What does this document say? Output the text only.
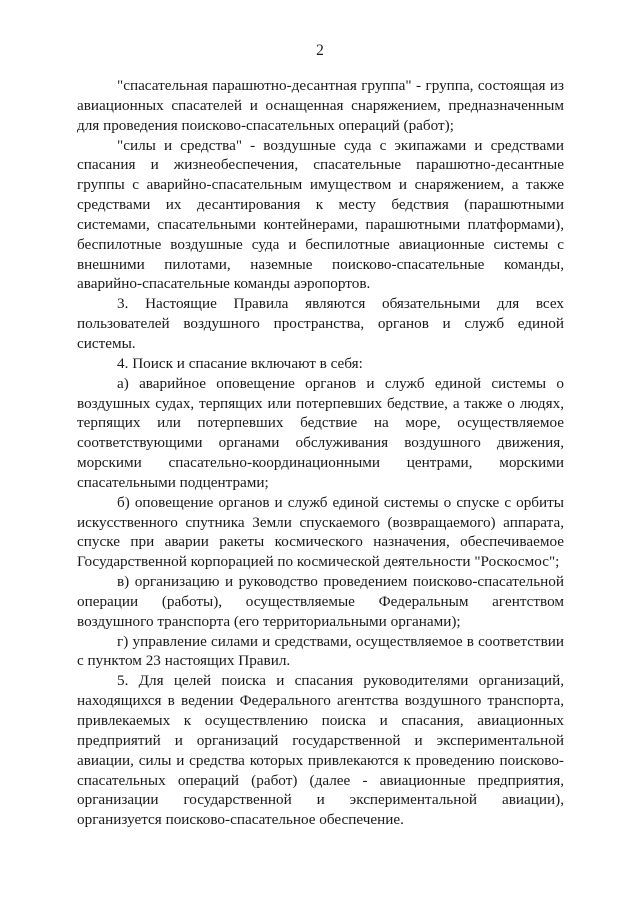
2

"спасательная парашютно-десантная группа" - группа, состоящая из авиационных спасателей и оснащенная снаряжением, предназначенным для проведения поисково-спасательных операций (работ);

"силы и средства" - воздушные суда с экипажами и средствами спасания и жизнеобеспечения, спасательные парашютно-десантные группы с аварийно-спасательным имуществом и снаряжением, а также средствами их десантирования к месту бедствия (парашютными системами, спасательными контейнерами, парашютными платформами), беспилотные воздушные суда и беспилотные авиационные системы с внешними пилотами, наземные поисково-спасательные команды, аварийно-спасательные команды аэропортов.

3. Настоящие Правила являются обязательными для всех пользователей воздушного пространства, органов и служб единой системы.

4. Поиск и спасание включают в себя:

а) аварийное оповещение органов и служб единой системы о воздушных судах, терпящих или потерпевших бедствие, а также о людях, терпящих или потерпевших бедствие на море, осуществляемое соответствующими органами обслуживания воздушного движения, морскими спасательно-координационными центрами, морскими спасательными подцентрами;

б) оповещение органов и служб единой системы о спуске с орбиты искусственного спутника Земли спускаемого (возвращаемого) аппарата, спуске при аварии ракеты космического назначения, обеспечиваемое Государственной корпорацией по космической деятельности "Роскосмос";

в) организацию и руководство проведением поисково-спасательной операции (работы), осуществляемые Федеральным агентством воздушного транспорта (его территориальными органами);

г) управление силами и средствами, осуществляемое в соответствии с пунктом 23 настоящих Правил.

5. Для целей поиска и спасания руководителями организаций, находящихся в ведении Федерального агентства воздушного транспорта, привлекаемых к осуществлению поиска и спасания, авиационных предприятий и организаций государственной и экспериментальной авиации, силы и средства которых привлекаются к проведению поисково-спасательных операций (работ) (далее - авиационные предприятия, организации государственной и экспериментальной авиации), организуется поисково-спасательное обеспечение.
